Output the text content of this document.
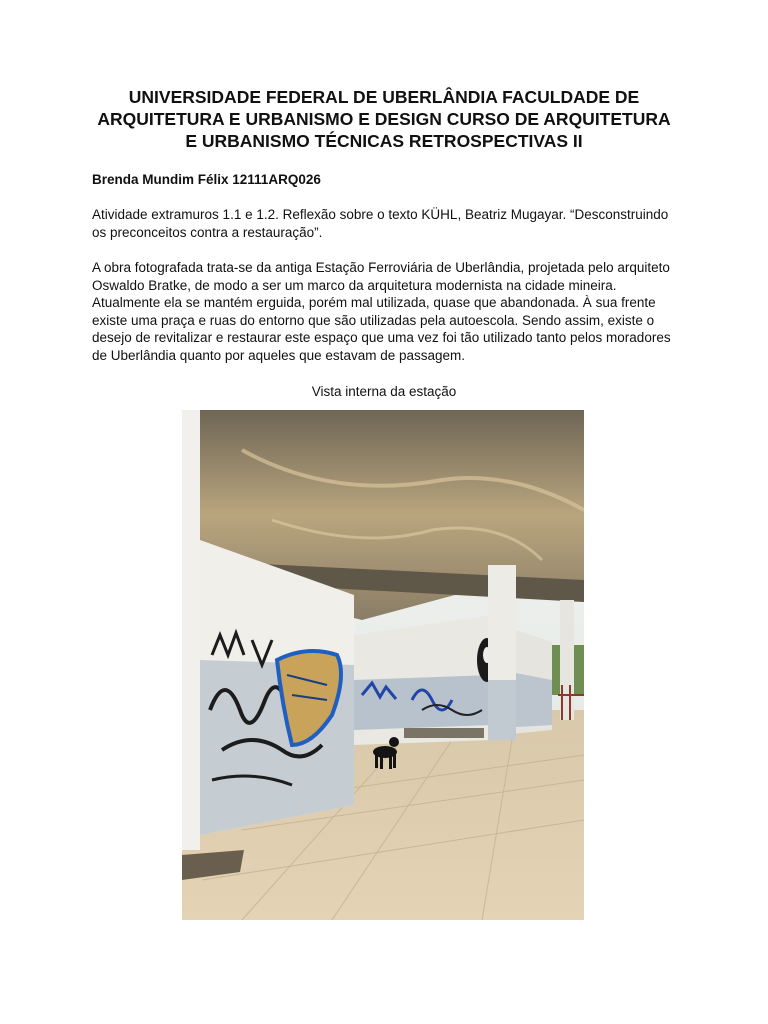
UNIVERSIDADE FEDERAL DE UBERLÂNDIA FACULDADE DE ARQUITETURA E URBANISMO E DESIGN CURSO DE ARQUITETURA E URBANISMO TÉCNICAS RETROSPECTIVAS II

Brenda Mundim Félix 12111ARQ026

Atividade extramuros 1.1 e 1.2. Reflexão sobre o texto KÜHL, Beatriz Mugayar. “Desconstruindo os preconceitos contra a restauração”.

A obra fotografada trata-se da antiga Estação Ferroviária de Uberlândia, projetada pelo arquiteto Oswaldo Bratke, de modo a ser um marco da arquitetura modernista na cidade mineira. Atualmente ela se mantém erguida, porém mal utilizada, quase que abandonada. À sua frente existe uma praça e ruas do entorno que são utilizadas pela autoescola. Sendo assim, existe o desejo de revitalizar e restaurar este espaço que uma vez foi tão utilizado tanto pelos moradores de Uberlândia quanto por aqueles que estavam de passagem.

Vista interna da estação
